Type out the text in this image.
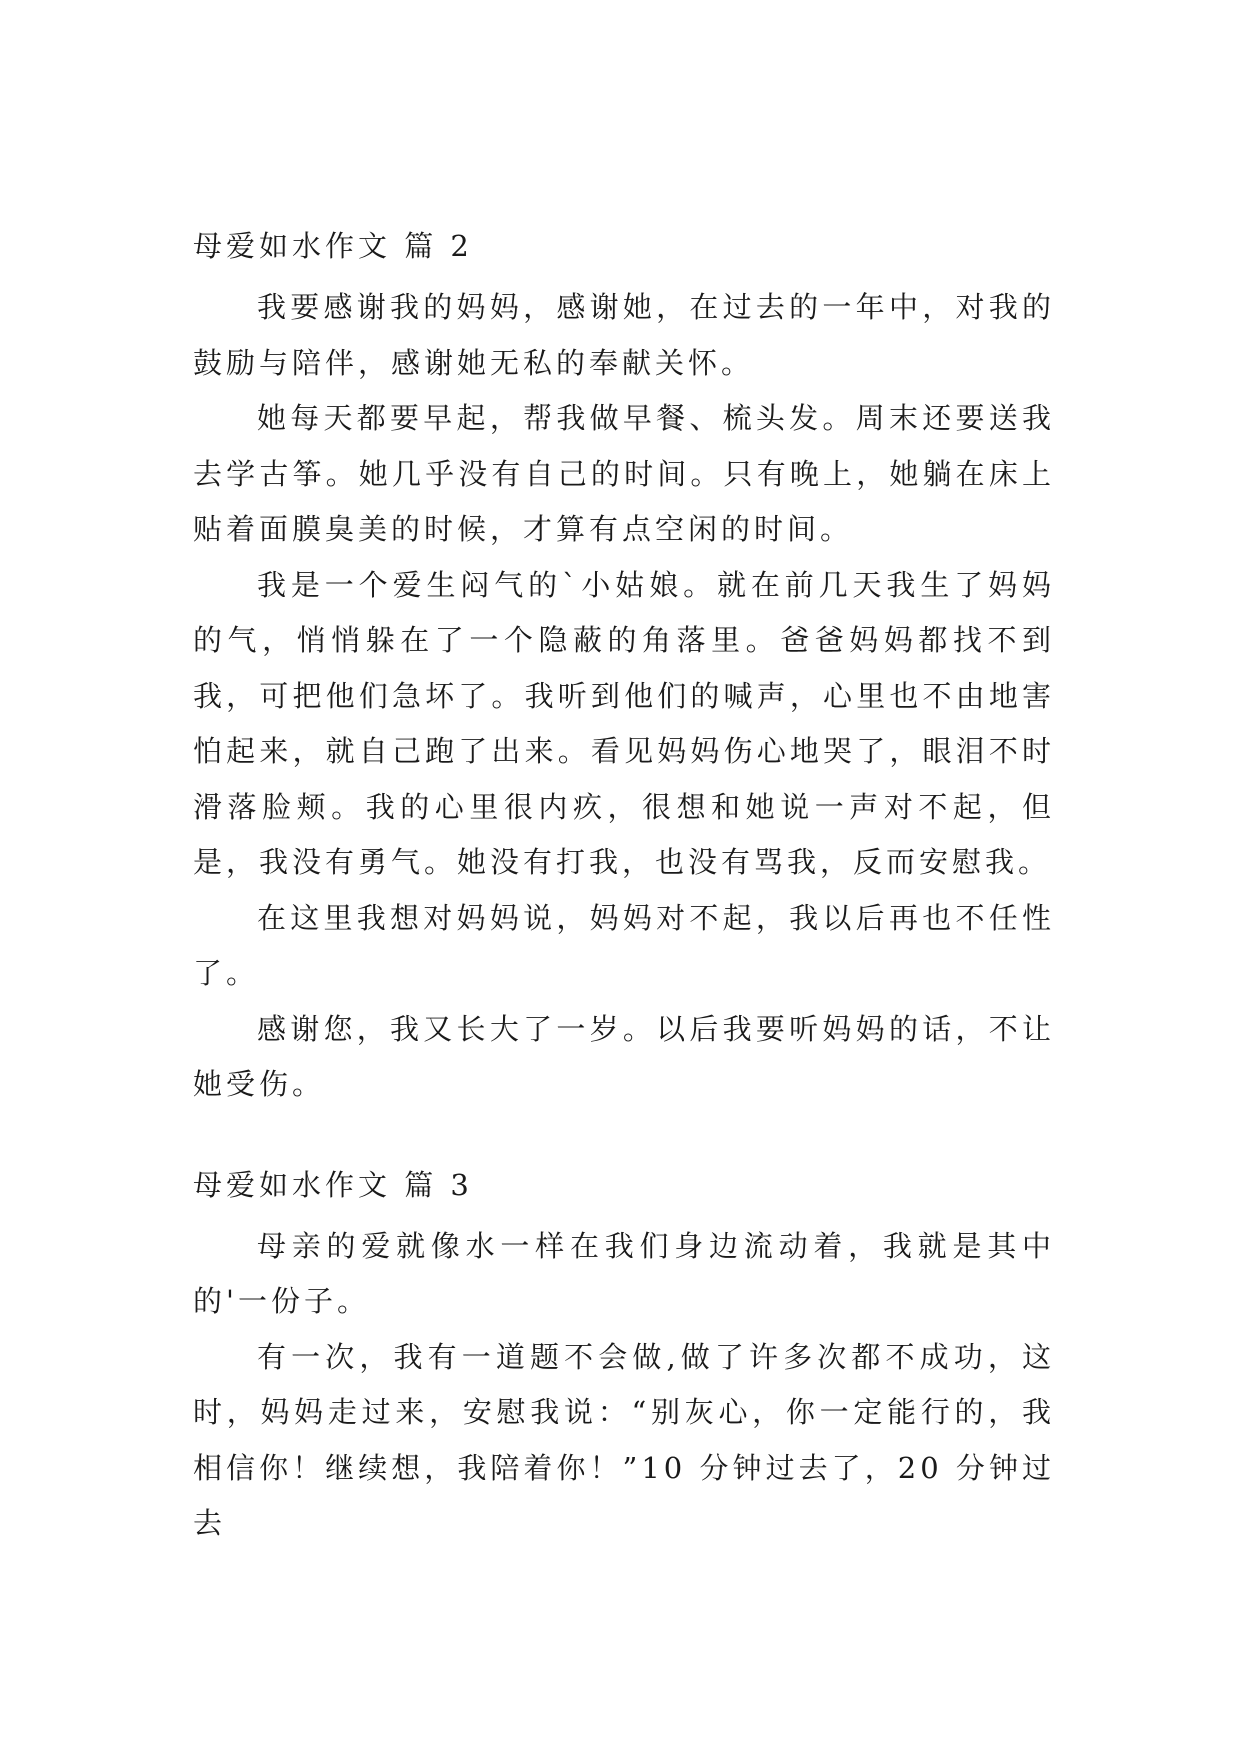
母爱如水作文 篇 2

我要感谢我的妈妈，感谢她，在过去的一年中，对我的鼓励与陪伴，感谢她无私的奉献关怀。

她每天都要早起，帮我做早餐、梳头发。周末还要送我去学古筝。她几乎没有自己的时间。只有晚上，她躺在床上贴着面膜臭美的时候，才算有点空闲的时间。

我是一个爱生闷气的`小姑娘。就在前几天我生了妈妈的气，悄悄躲在了一个隐蔽的角落里。爸爸妈妈都找不到我，可把他们急坏了。我听到他们的喊声，心里也不由地害怕起来，就自己跑了出来。看见妈妈伤心地哭了，眼泪不时滑落脸颊。我的心里很内疚，很想和她说一声对不起，但是，我没有勇气。她没有打我，也没有骂我，反而安慰我。

在这里我想对妈妈说，妈妈对不起，我以后再也不任性了。

感谢您，我又长大了一岁。以后我要听妈妈的话，不让她受伤。

母爱如水作文 篇 3

母亲的爱就像水一样在我们身边流动着，我就是其中的'一份子。

有一次，我有一道题不会做,做了许多次都不成功，这时，妈妈走过来，安慰我说：“别灰心，你一定能行的，我相信你！继续想，我陪着你！”10 分钟过去了，20 分钟过去
